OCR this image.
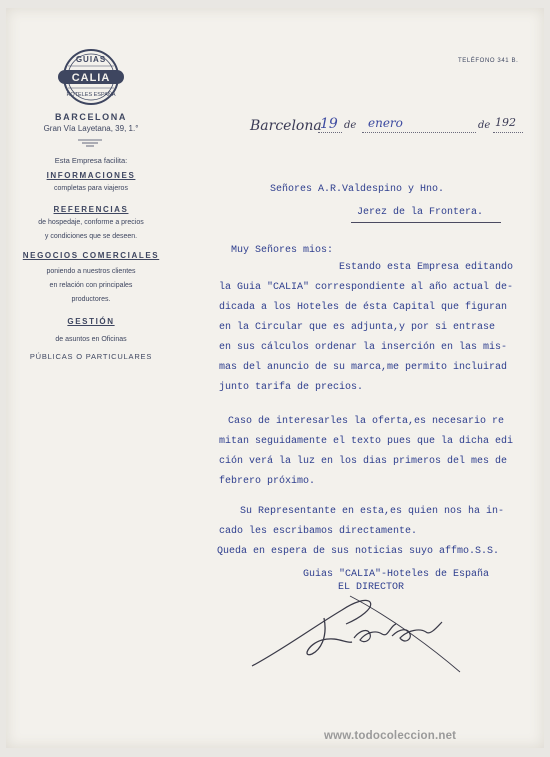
CALIA
GUIAS
HOTELES ESPAÑA
BARCELONA
Gran Vía Layetana, 39, 1.°
Esta Empresa facilita:
INFORMACIONES
completas para viajeros
REFERENCIAS
de hospedaje, conforme a precios
y condiciones que se deseen.
NEGOCIOS COMERCIALES
poniendo a nuestros clientes
en relación con principales
productores.
GESTIÓN
de asuntos en Oficinas
PÚBLICAS O PARTICULARES
TELÉFONO 341 B.
Barcelona
19 de enero	de 192
Señores A.R.Valdespino y Hno.
Jerez de la Frontera.
Muy Señores mios:
Estando esta Empresa editando
la Guia "CALIA" correspondiente al año actual de-
dicada a los Hoteles de ésta Capital que figuran
en la Circular que es adjunta,y por si entrase
en sus cálculos ordenar la inserción en las mis-
mas del anuncio de su marca,me permito incluirad
junto tarifa de precios.
Caso de interesarles la oferta,es necesario re
mitan seguidamente el texto pues que la dicha edi
ción verá la luz en los dias primeros del mes de
febrero próximo.
Su Representante en esta,es quien nos ha in-
cado les escribamos directamente.
Queda en espera de sus noticias suyo affmo.S.S.
Guias "CALIA"-Hoteles de España
EL DIRECTOR
www.todocoleccion.net
